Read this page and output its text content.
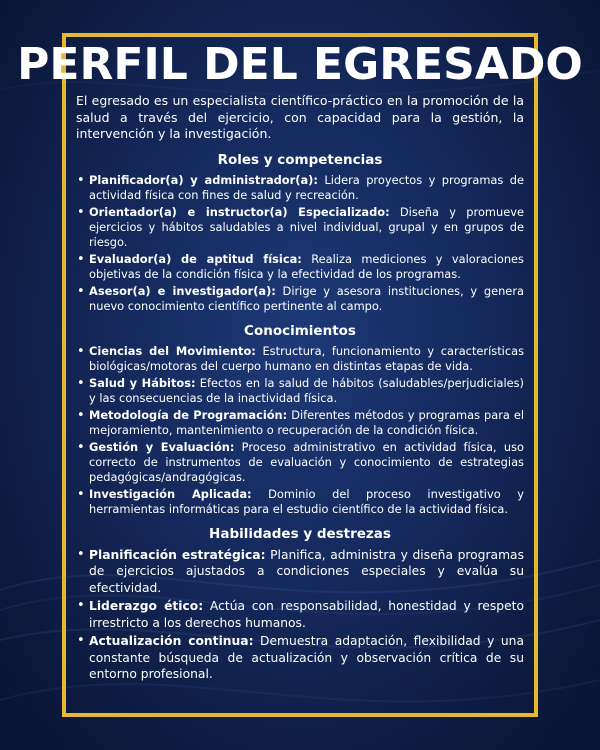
PERFIL DEL EGRESADO

El egresado es un especialista científico-práctico en la promoción de la salud a través del ejercicio, con capacidad para la gestión, la intervención y la investigación.

Roles y competencias
• Planificador(a) y administrador(a): Lidera proyectos y programas de actividad física con fines de salud y recreación.
• Orientador(a) e instructor(a) Especializado: Diseña y promueve ejercicios y hábitos saludables a nivel individual, grupal y en grupos de riesgo.
• Evaluador(a) de aptitud física: Realiza mediciones y valoraciones objetivas de la condición física y la efectividad de los programas.
• Asesor(a) e investigador(a): Dirige y asesora instituciones, y genera nuevo conocimiento científico pertinente al campo.
Conocimientos
• Ciencias del Movimiento: Estructura, funcionamiento y características biológicas/motoras del cuerpo humano en distintas etapas de vida.
• Salud y Hábitos: Efectos en la salud de hábitos (saludables/perjudiciales) y las consecuencias de la inactividad física.
• Metodología de Programación: Diferentes métodos y programas para el mejoramiento, mantenimiento o recuperación de la condición física.
• Gestión y Evaluación: Proceso administrativo en actividad física, uso correcto de instrumentos de evaluación y conocimiento de estrategias pedagógicas/andragógicas.
• Investigación Aplicada: Dominio del proceso investigativo y herramientas informáticas para el estudio científico de la actividad física.
Habilidades y destrezas
• Planificación estratégica: Planifica, administra y diseña programas de ejercicios ajustados a condiciones especiales y evalúa su efectividad.
• Liderazgo ético: Actúa con responsabilidad, honestidad y respeto irrestricto a los derechos humanos.
• Actualización continua: Demuestra adaptación, flexibilidad y una constante búsqueda de actualización y observación crítica de su entorno profesional.
